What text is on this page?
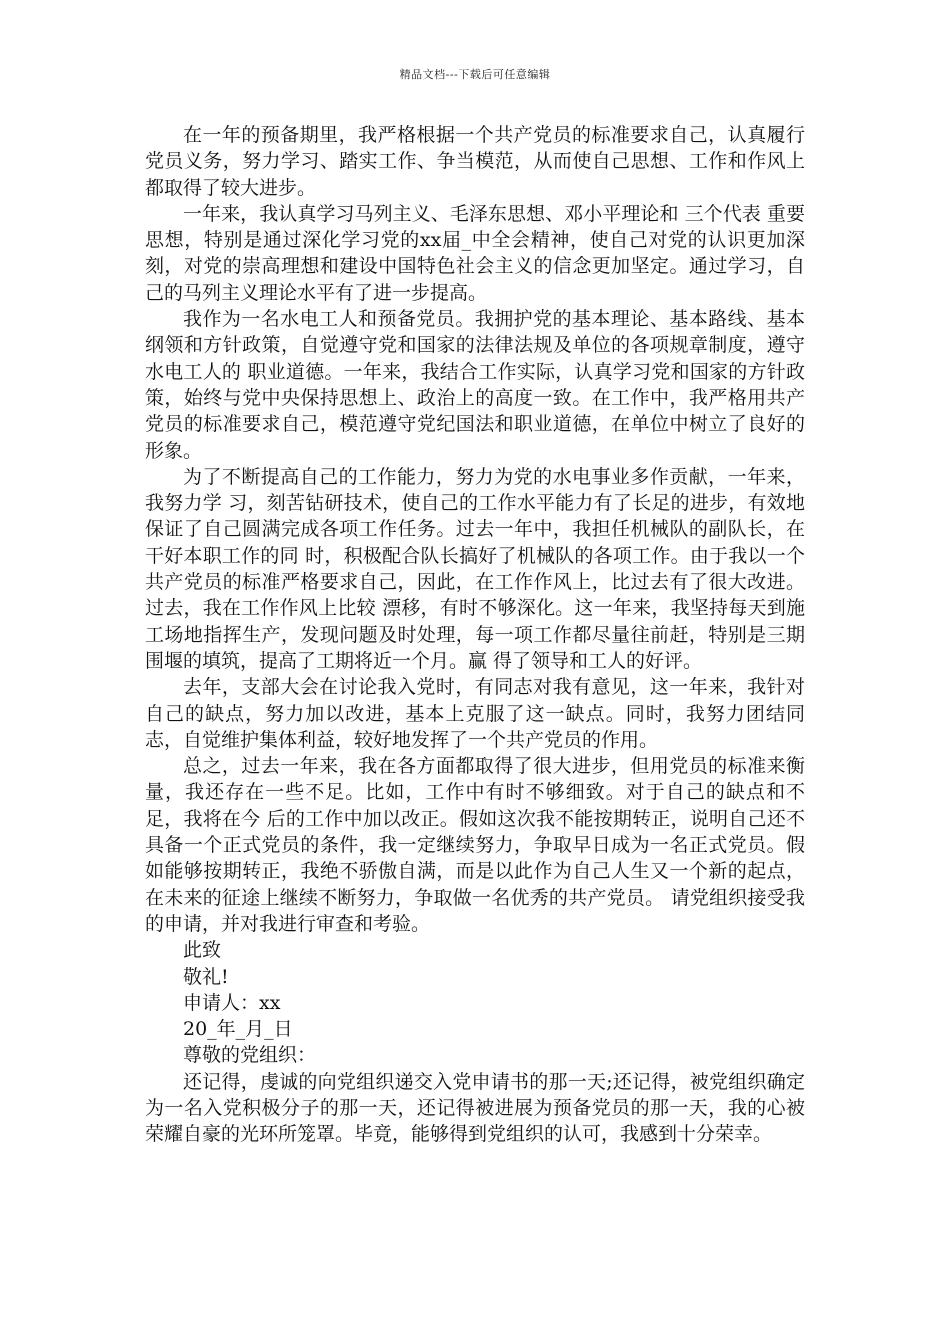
精品文档---下载后可任意编辑

在一年的预备期里，我严格根据一个共产党员的标准要求自己，认真履行党员义务，努力学习、踏实工作、争当模范，从而使自己思想、工作和作风上都取得了较大进步。

一年来，我认真学习马列主义、毛泽东思想、邓小平理论和 三个代表 重要思想，特别是通过深化学习党的xx届_中全会精神，使自己对党的认识更加深刻，对党的崇高理想和建设中国特色社会主义的信念更加坚定。通过学习，自己的马列主义理论水平有了进一步提高。

我作为一名水电工人和预备党员。我拥护党的基本理论、基本路线、基本纲领和方针政策，自觉遵守党和国家的法律法规及单位的各项规章制度，遵守水电工人的 职业道德。一年来，我结合工作实际，认真学习党和国家的方针政策，始终与党中央保持思想上、政治上的高度一致。在工作中，我严格用共产党员的标准要求自己，模范遵守党纪国法和职业道德，在单位中树立了良好的形象。

为了不断提高自己的工作能力，努力为党的水电事业多作贡献，一年来，我努力学 习，刻苦钻研技术，使自己的工作水平能力有了长足的进步，有效地保证了自己圆满完成各项工作任务。过去一年中，我担任机械队的副队长，在干好本职工作的同 时，积极配合队长搞好了机械队的各项工作。由于我以一个共产党员的标准严格要求自己，因此，在工作作风上，比过去有了很大改进。过去，我在工作作风上比较 漂移，有时不够深化。这一年来，我坚持每天到施工场地指挥生产，发现问题及时处理，每一项工作都尽量往前赶，特别是三期围堰的填筑，提高了工期将近一个月。赢 得了领导和工人的好评。

去年，支部大会在讨论我入党时，有同志对我有意见，这一年来，我针对自己的缺点，努力加以改进，基本上克服了这一缺点。同时，我努力团结同志，自觉维护集体利益，较好地发挥了一个共产党员的作用。

总之，过去一年来，我在各方面都取得了很大进步，但用党员的标准来衡量，我还存在一些不足。比如，工作中有时不够细致。对于自己的缺点和不足，我将在今 后的工作中加以改正。假如这次我不能按期转正，说明自己还不具备一个正式党员的条件，我一定继续努力，争取早日成为一名正式党员。假如能够按期转正，我绝不骄傲自满，而是以此作为自己人生又一个新的起点，在未来的征途上继续不断努力，争取做一名优秀的共产党员。 请党组织接受我的申请，并对我进行审查和考验。

此致

敬礼!

申请人：xx

20_年_月_日

尊敬的党组织：

还记得，虔诚的向党组织递交入党申请书的那一天;还记得，被党组织确定为一名入党积极分子的那一天，还记得被进展为预备党员的那一天，我的心被荣耀自豪的光环所笼罩。毕竟，能够得到党组织的认可，我感到十分荣幸。
